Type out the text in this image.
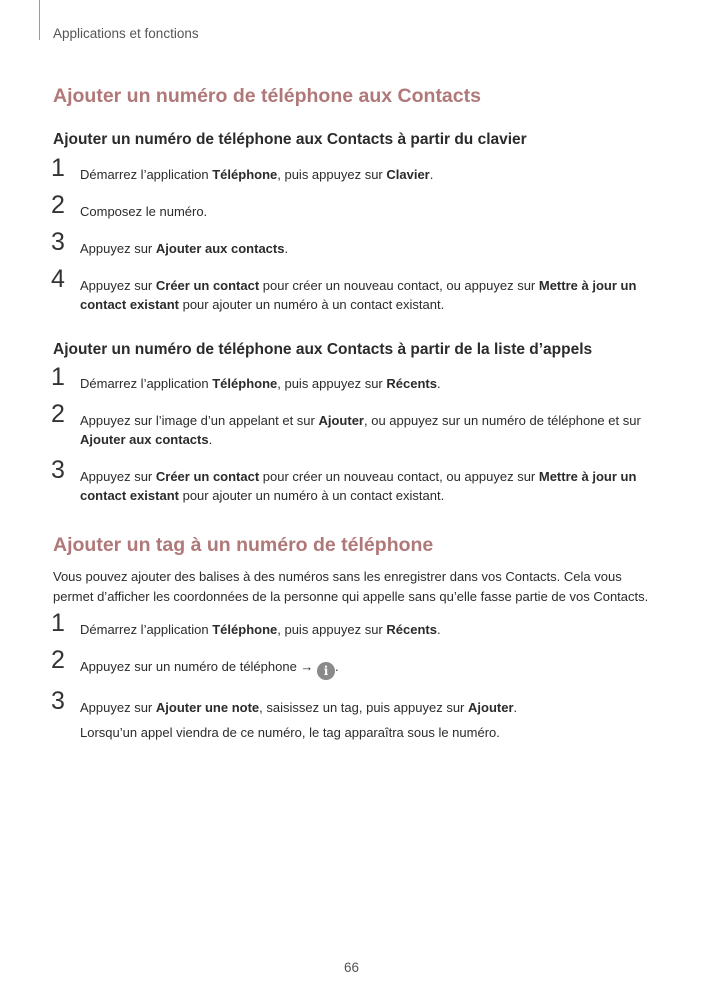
Applications et fonctions
Ajouter un numéro de téléphone aux Contacts
Ajouter un numéro de téléphone aux Contacts à partir du clavier
1 Démarrez l’application Téléphone, puis appuyez sur Clavier.
2 Composez le numéro.
3 Appuyez sur Ajouter aux contacts.
4 Appuyez sur Créer un contact pour créer un nouveau contact, ou appuyez sur Mettre à jour un contact existant pour ajouter un numéro à un contact existant.
Ajouter un numéro de téléphone aux Contacts à partir de la liste d’appels
1 Démarrez l’application Téléphone, puis appuyez sur Récents.
2 Appuyez sur l’image d’un appelant et sur Ajouter, ou appuyez sur un numéro de téléphone et sur Ajouter aux contacts.
3 Appuyez sur Créer un contact pour créer un nouveau contact, ou appuyez sur Mettre à jour un contact existant pour ajouter un numéro à un contact existant.
Ajouter un tag à un numéro de téléphone

Vous pouvez ajouter des balises à des numéros sans les enregistrer dans vos Contacts. Cela vous permet d’afficher les coordonnées de la personne qui appelle sans qu’elle fasse partie de vos Contacts.

1 Démarrez l’application Téléphone, puis appuyez sur Récents.
2 Appuyez sur un numéro de téléphone → i .
3 Appuyez sur Ajouter une note, saisissez un tag, puis appuyez sur Ajouter.
Lorsqu’un appel viendra de ce numéro, le tag apparaîtra sous le numéro.
66
